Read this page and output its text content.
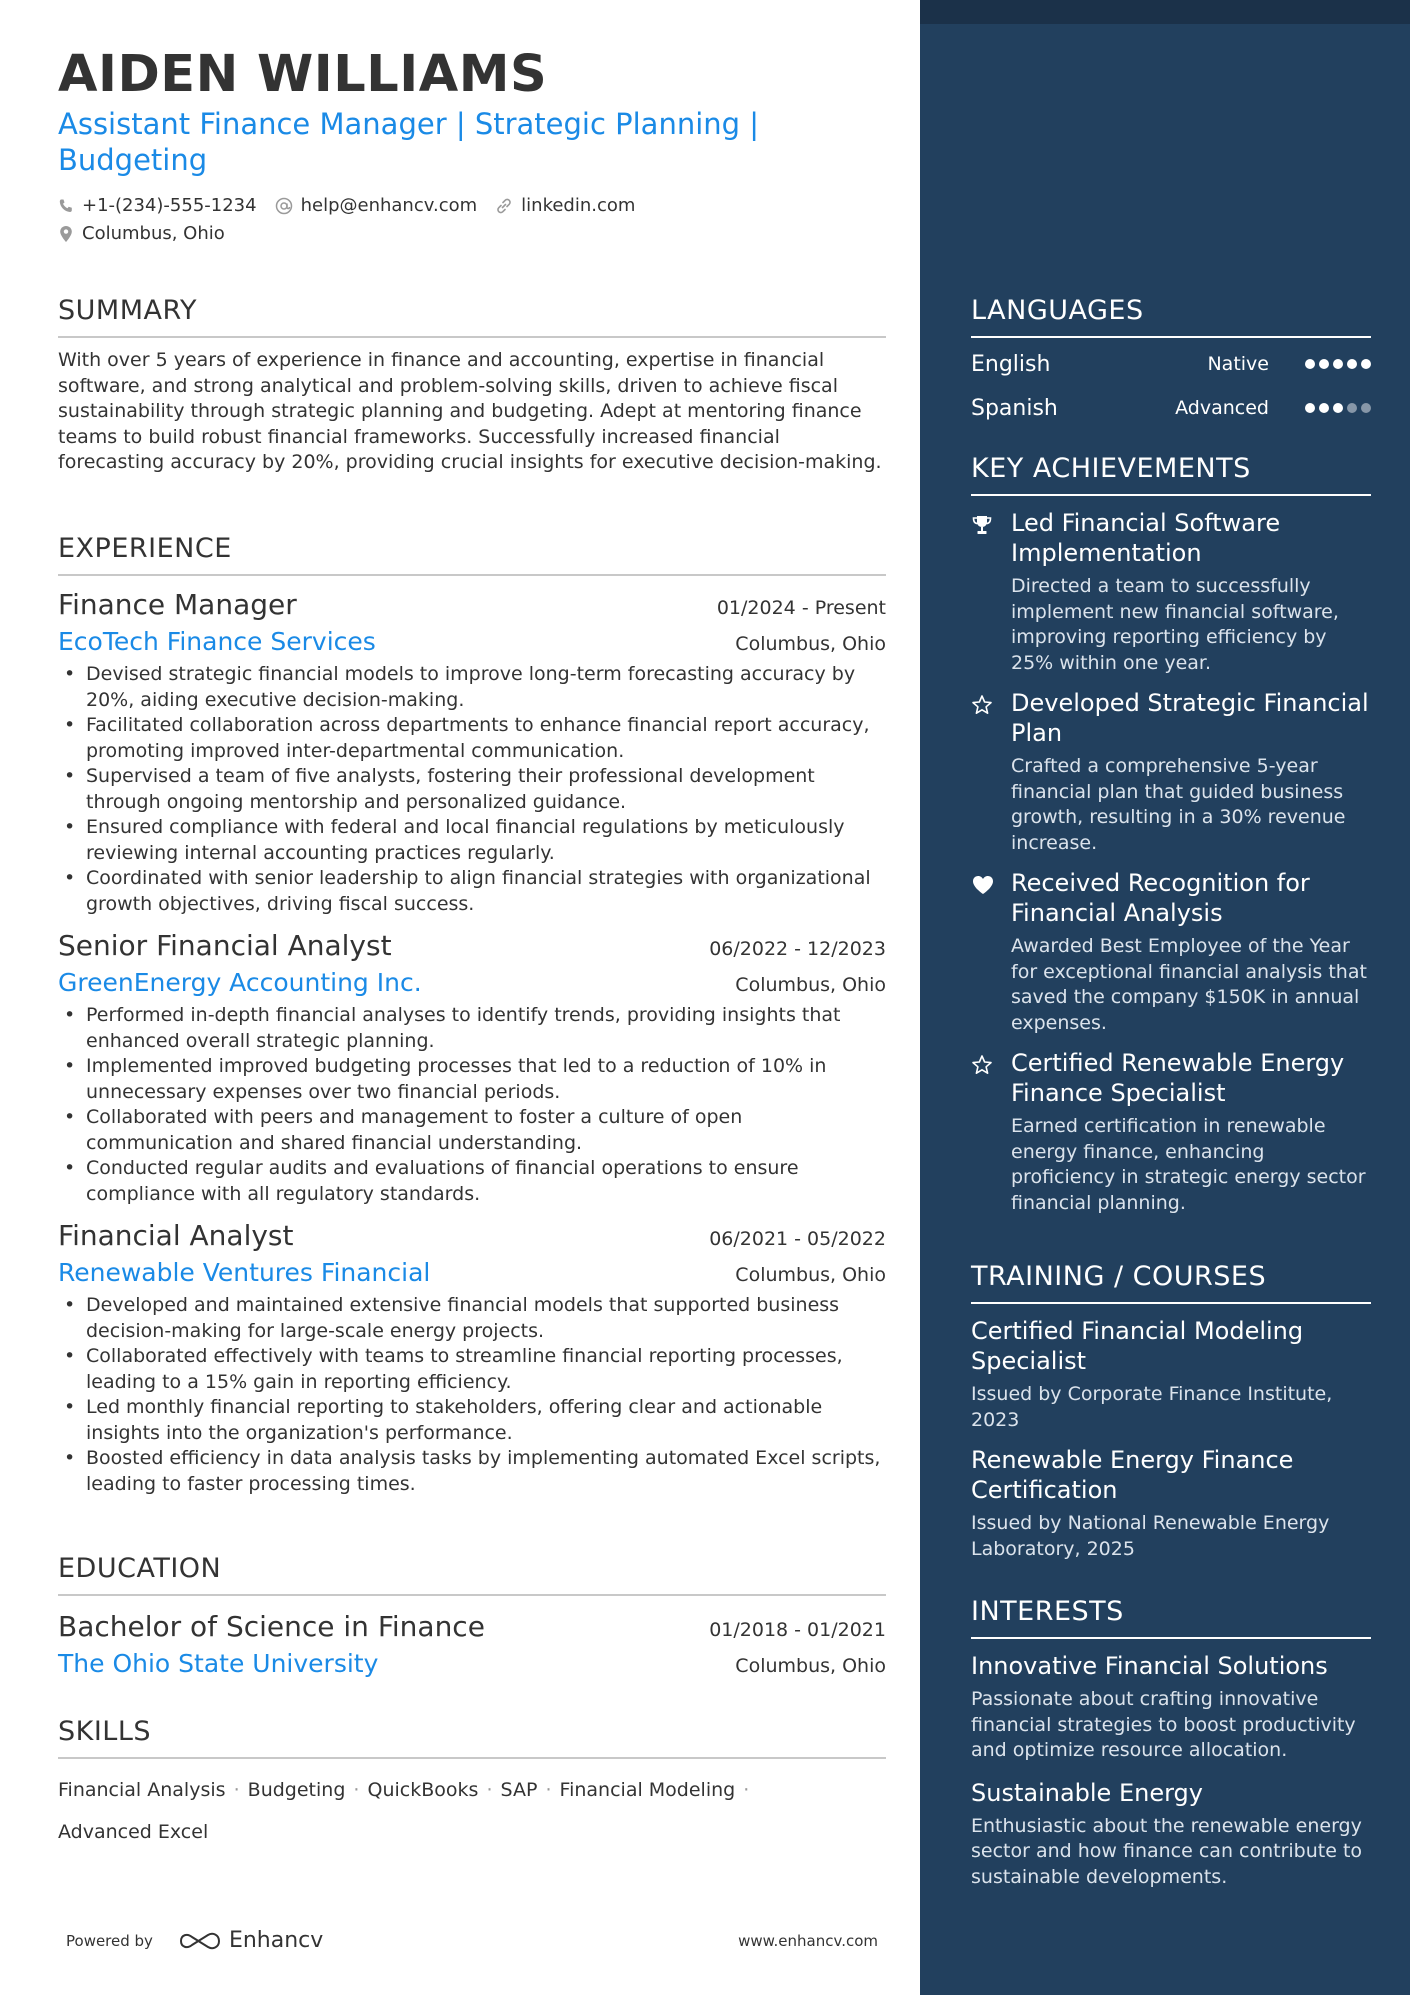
AIDEN WILLIAMS
Assistant Finance Manager | Strategic Planning | Budgeting
+1-(234)-555-1234 help@enhancv.com linkedin.com
Columbus, Ohio
SUMMARY
With over 5 years of experience in finance and accounting, expertise in financial software, and strong analytical and problem-solving skills, driven to achieve fiscal sustainability through strategic planning and budgeting. Adept at mentoring finance teams to build robust financial frameworks. Successfully increased financial forecasting accuracy by 20%, providing crucial insights for executive decision-making.
EXPERIENCE
Finance Manager	01/2024 - Present
EcoTech Finance Services	Columbus, Ohio
• Devised strategic financial models to improve long-term forecasting accuracy by 20%, aiding executive decision-making.
• Facilitated collaboration across departments to enhance financial report accuracy, promoting improved inter-departmental communication.
• Supervised a team of five analysts, fostering their professional development through ongoing mentorship and personalized guidance.
• Ensured compliance with federal and local financial regulations by meticulously reviewing internal accounting practices regularly.
• Coordinated with senior leadership to align financial strategies with organizational growth objectives, driving fiscal success.
Senior Financial Analyst	06/2022 - 12/2023
GreenEnergy Accounting Inc.	Columbus, Ohio
• Performed in-depth financial analyses to identify trends, providing insights that enhanced overall strategic planning.
• Implemented improved budgeting processes that led to a reduction of 10% in unnecessary expenses over two financial periods.
• Collaborated with peers and management to foster a culture of open communication and shared financial understanding.
• Conducted regular audits and evaluations of financial operations to ensure compliance with all regulatory standards.
Financial Analyst	06/2021 - 05/2022
Renewable Ventures Financial	Columbus, Ohio
• Developed and maintained extensive financial models that supported business decision-making for large-scale energy projects.
• Collaborated effectively with teams to streamline financial reporting processes, leading to a 15% gain in reporting efficiency.
• Led monthly financial reporting to stakeholders, offering clear and actionable insights into the organization's performance.
• Boosted efficiency in data analysis tasks by implementing automated Excel scripts, leading to faster processing times.
EDUCATION
Bachelor of Science in Finance	01/2018 - 01/2021
The Ohio State University	Columbus, Ohio
SKILLS
Financial Analysis · Budgeting · QuickBooks · SAP · Financial Modeling ·
Advanced Excel
Powered by	Enhancv	www.enhancv.com
LANGUAGES
English	Native
Spanish	Advanced
KEY ACHIEVEMENTS
Led Financial Software Implementation
Directed a team to successfully implement new financial software, improving reporting efficiency by 25% within one year.
Developed Strategic Financial Plan
Crafted a comprehensive 5-year financial plan that guided business growth, resulting in a 30% revenue increase.
Received Recognition for Financial Analysis
Awarded Best Employee of the Year for exceptional financial analysis that saved the company $150K in annual expenses.
Certified Renewable Energy Finance Specialist
Earned certification in renewable energy finance, enhancing proficiency in strategic energy sector financial planning.
TRAINING / COURSES
Certified Financial Modeling Specialist
Issued by Corporate Finance Institute, 2023
Renewable Energy Finance Certification
Issued by National Renewable Energy Laboratory, 2025
INTERESTS
Innovative Financial Solutions
Passionate about crafting innovative financial strategies to boost productivity and optimize resource allocation.
Sustainable Energy
Enthusiastic about the renewable energy sector and how finance can contribute to sustainable developments.
